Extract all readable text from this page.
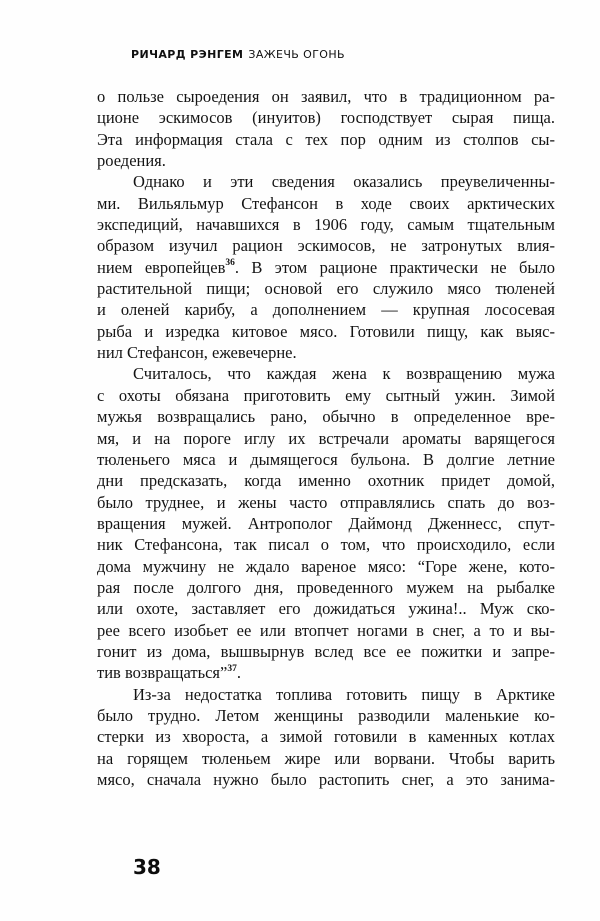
РИЧАРД РЭНГЕМ ЗАЖЕЧЬ ОГОНЬ
о пользе сыроедения он заявил, что в традиционном ра-
ционе эскимосов (инуитов) господствует сырая пища.
Эта информация стала с тех пор одним из столпов сы-
роедения.
Однако и эти сведения оказались преувеличенны-
ми. Вильяльмур Стефансон в ходе своих арктических
экспедиций, начавшихся в 1906 году, самым тщательным
образом изучил рацион эскимосов, не затронутых влия-
нием европейцев$^{36}$. В этом рационе практически не было
растительной пищи; основой его служило мясо тюленей
и оленей карибу, а дополнением — крупная лососевая
рыба и изредка китовое мясо. Готовили пищу, как выяс-
нил Стефансон, ежевечерне.
Считалось, что каждая жена к возвращению мужа
с охоты обязана приготовить ему сытный ужин. Зимой
мужья возвращались рано, обычно в определенное вре-
мя, и на пороге иглу их встречали ароматы варящегося
тюленьего мяса и дымящегося бульона. В долгие летние
дни предсказать, когда именно охотник придет домой,
было труднее, и жены часто отправлялись спать до воз-
вращения мужей. Антрополог Даймонд Дженнесс, спут-
ник Стефансона, так писал о том, что происходило, если
дома мужчину не ждало вареное мясо: “Горе жене, кото-
рая после долгого дня, проведенного мужем на рыбалке
или охоте, заставляет его дожидаться ужина!.. Муж ско-
рее всего изобьет ее или втопчет ногами в снег, а то и вы-
гонит из дома, вышвырнув вслед все ее пожитки и запре-
тив возвращаться”$^{37}$.
Из-за недостатка топлива готовить пищу в Арктике
было трудно. Летом женщины разводили маленькие ко-
стерки из хвороста, а зимой готовили в каменных котлах
на горящем тюленьем жире или ворвани. Чтобы варить
мясо, сначала нужно было растопить снег, а это занима-
38
